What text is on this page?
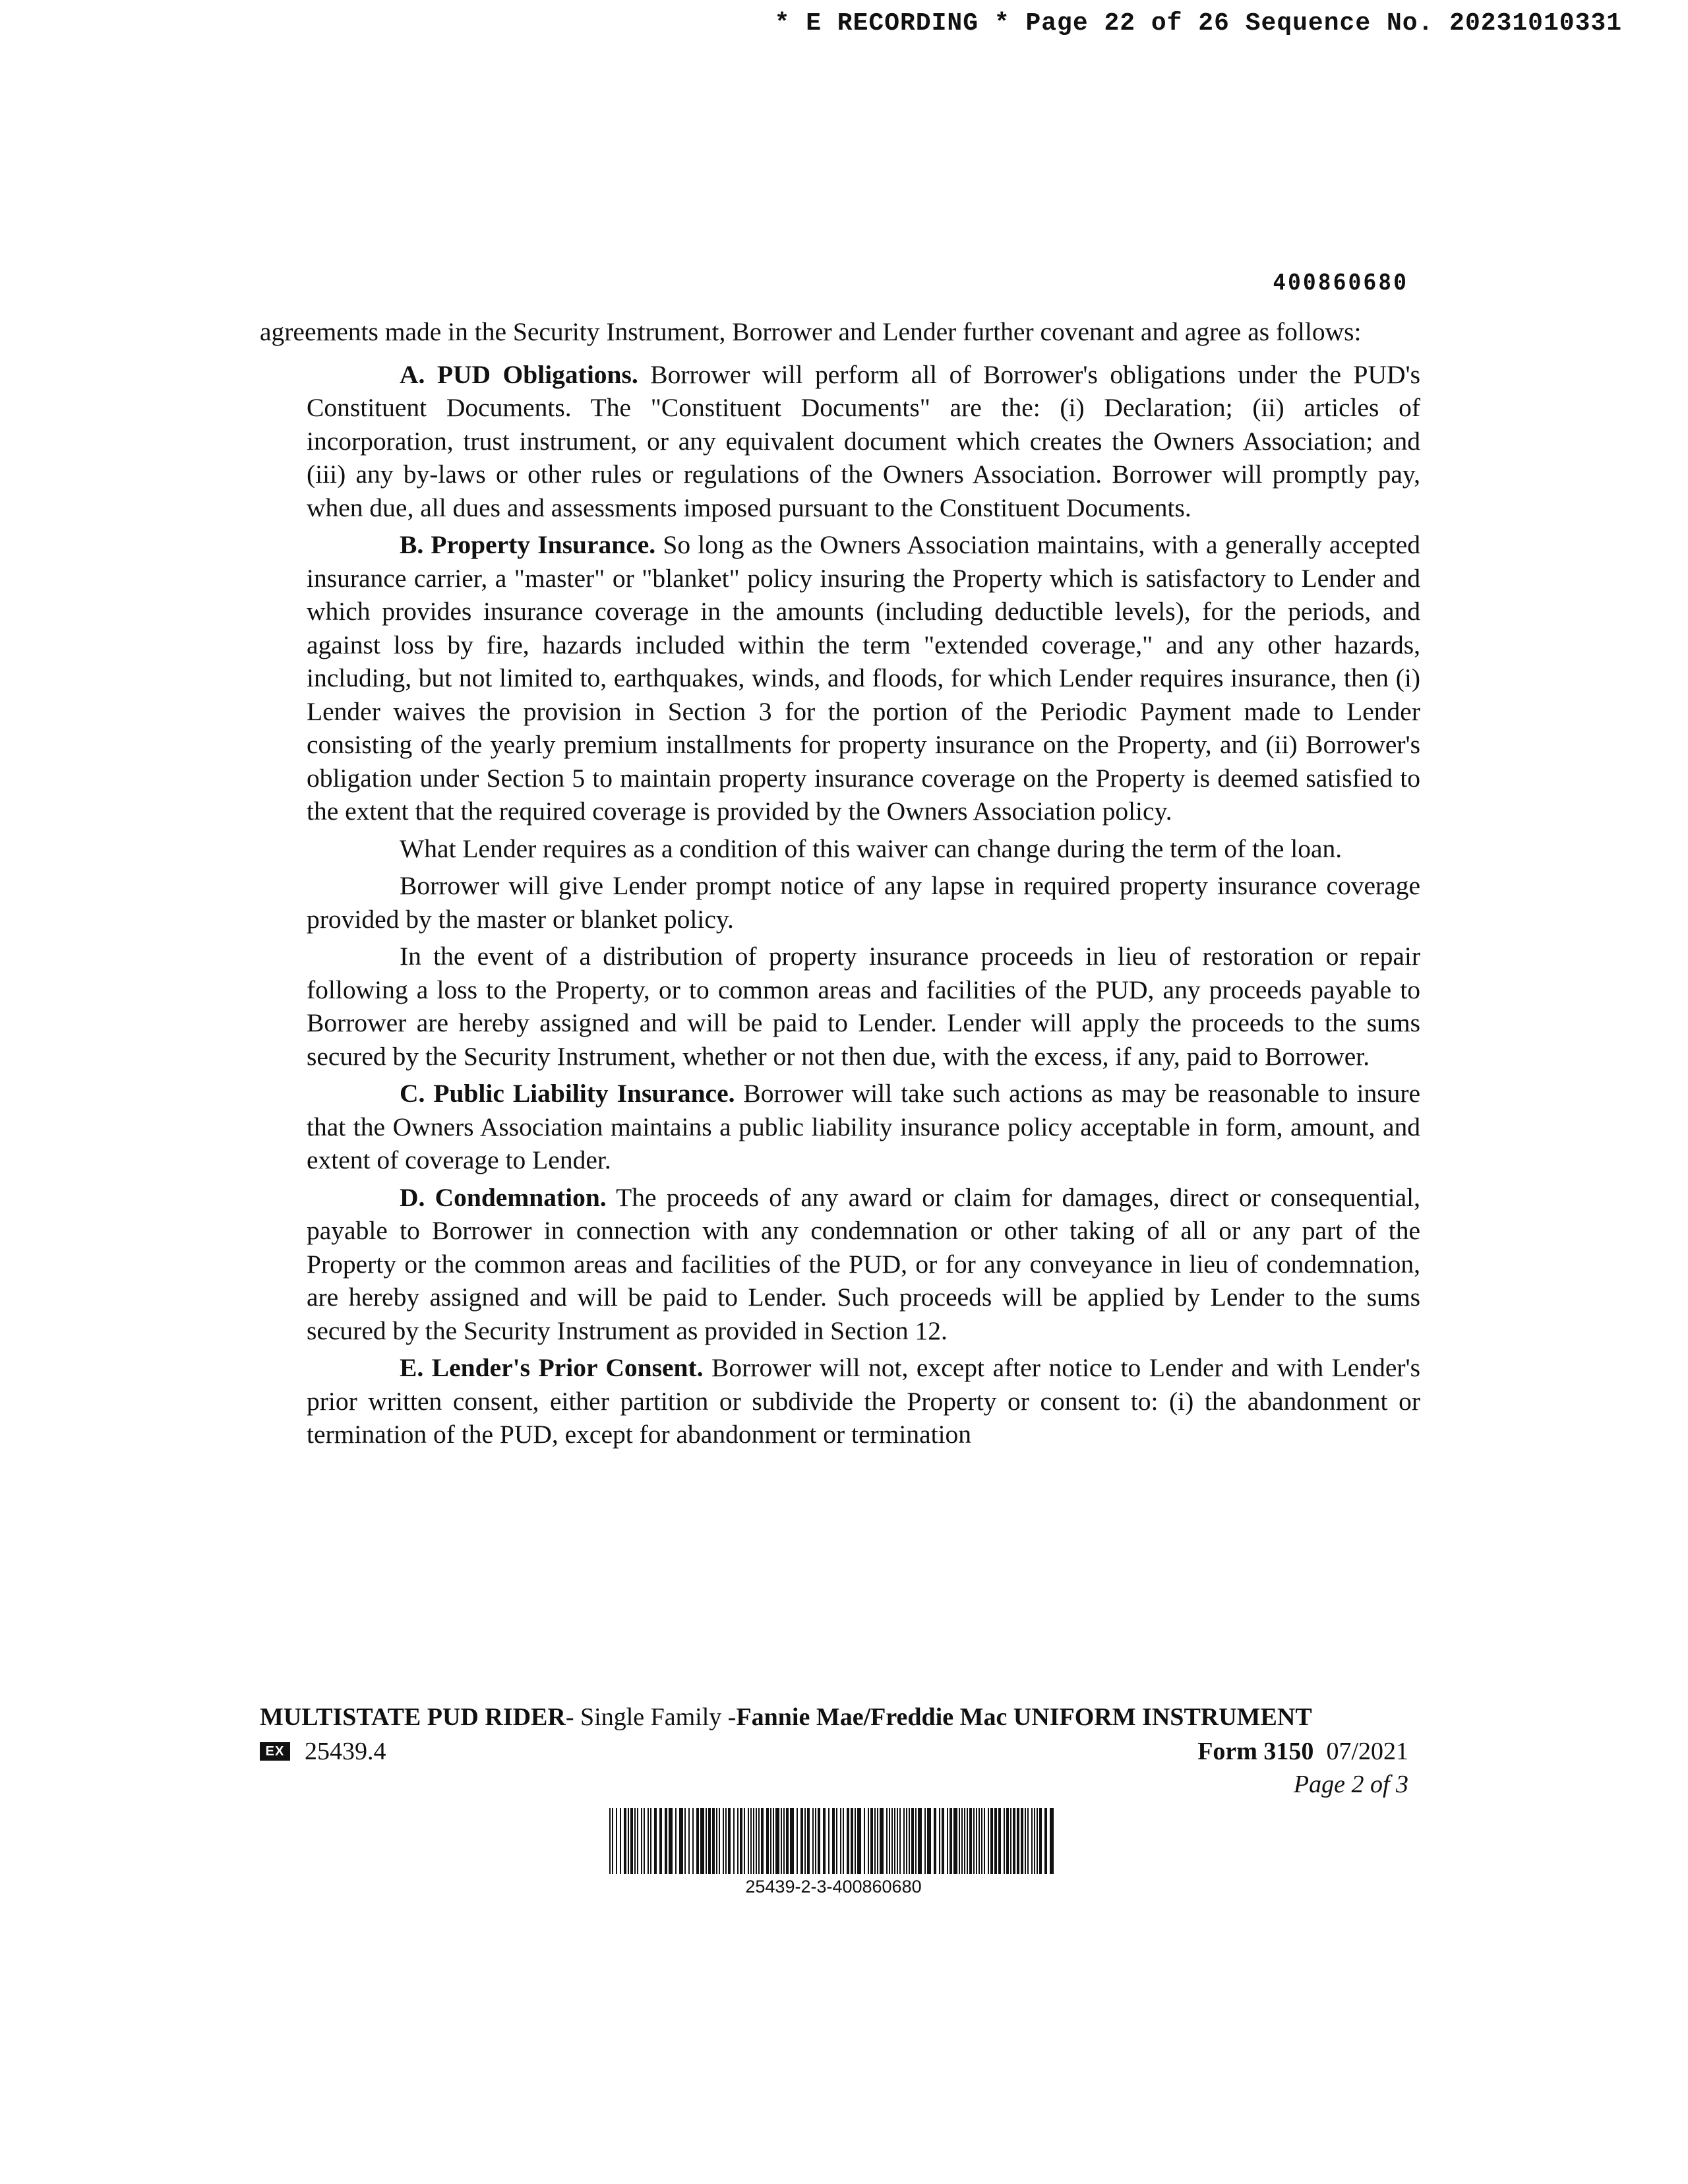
* E RECORDING * Page 22 of 26 Sequence No. 20231010331
400860680

agreements made in the Security Instrument, Borrower and Lender further covenant and agree as follows:

A. PUD Obligations. Borrower will perform all of Borrower's obligations under the PUD's Constituent Documents. The "Constituent Documents" are the: (i) Declaration; (ii) articles of incorporation, trust instrument, or any equivalent document which creates the Owners Association; and (iii) any by-laws or other rules or regulations of the Owners Association. Borrower will promptly pay, when due, all dues and assessments imposed pursuant to the Constituent Documents.

B. Property Insurance. So long as the Owners Association maintains, with a generally accepted insurance carrier, a "master" or "blanket" policy insuring the Property which is satisfactory to Lender and which provides insurance coverage in the amounts (including deductible levels), for the periods, and against loss by fire, hazards included within the term "extended coverage," and any other hazards, including, but not limited to, earthquakes, winds, and floods, for which Lender requires insurance, then (i) Lender waives the provision in Section 3 for the portion of the Periodic Payment made to Lender consisting of the yearly premium installments for property insurance on the Property, and (ii) Borrower's obligation under Section 5 to maintain property insurance coverage on the Property is deemed satisfied to the extent that the required coverage is provided by the Owners Association policy.

What Lender requires as a condition of this waiver can change during the term of the loan.

Borrower will give Lender prompt notice of any lapse in required property insurance coverage provided by the master or blanket policy.

In the event of a distribution of property insurance proceeds in lieu of restoration or repair following a loss to the Property, or to common areas and facilities of the PUD, any proceeds payable to Borrower are hereby assigned and will be paid to Lender. Lender will apply the proceeds to the sums secured by the Security Instrument, whether or not then due, with the excess, if any, paid to Borrower.

C. Public Liability Insurance. Borrower will take such actions as may be reasonable to insure that the Owners Association maintains a public liability insurance policy acceptable in form, amount, and extent of coverage to Lender.

D. Condemnation. The proceeds of any award or claim for damages, direct or consequential, payable to Borrower in connection with any condemnation or other taking of all or any part of the Property or the common areas and facilities of the PUD, or for any conveyance in lieu of condemnation, are hereby assigned and will be paid to Lender. Such proceeds will be applied by Lender to the sums secured by the Security Instrument as provided in Section 12.

E. Lender's Prior Consent. Borrower will not, except after notice to Lender and with Lender's prior written consent, either partition or subdivide the Property or consent to: (i) the abandonment or termination of the PUD, except for abandonment or termination

MULTISTATE PUD RIDER- Single Family -Fannie Mae/Freddie Mac UNIFORM INSTRUMENT
EX 25439.4	Form 3150 07/2021
Page 2 of 3
25439-2-3-400860680
